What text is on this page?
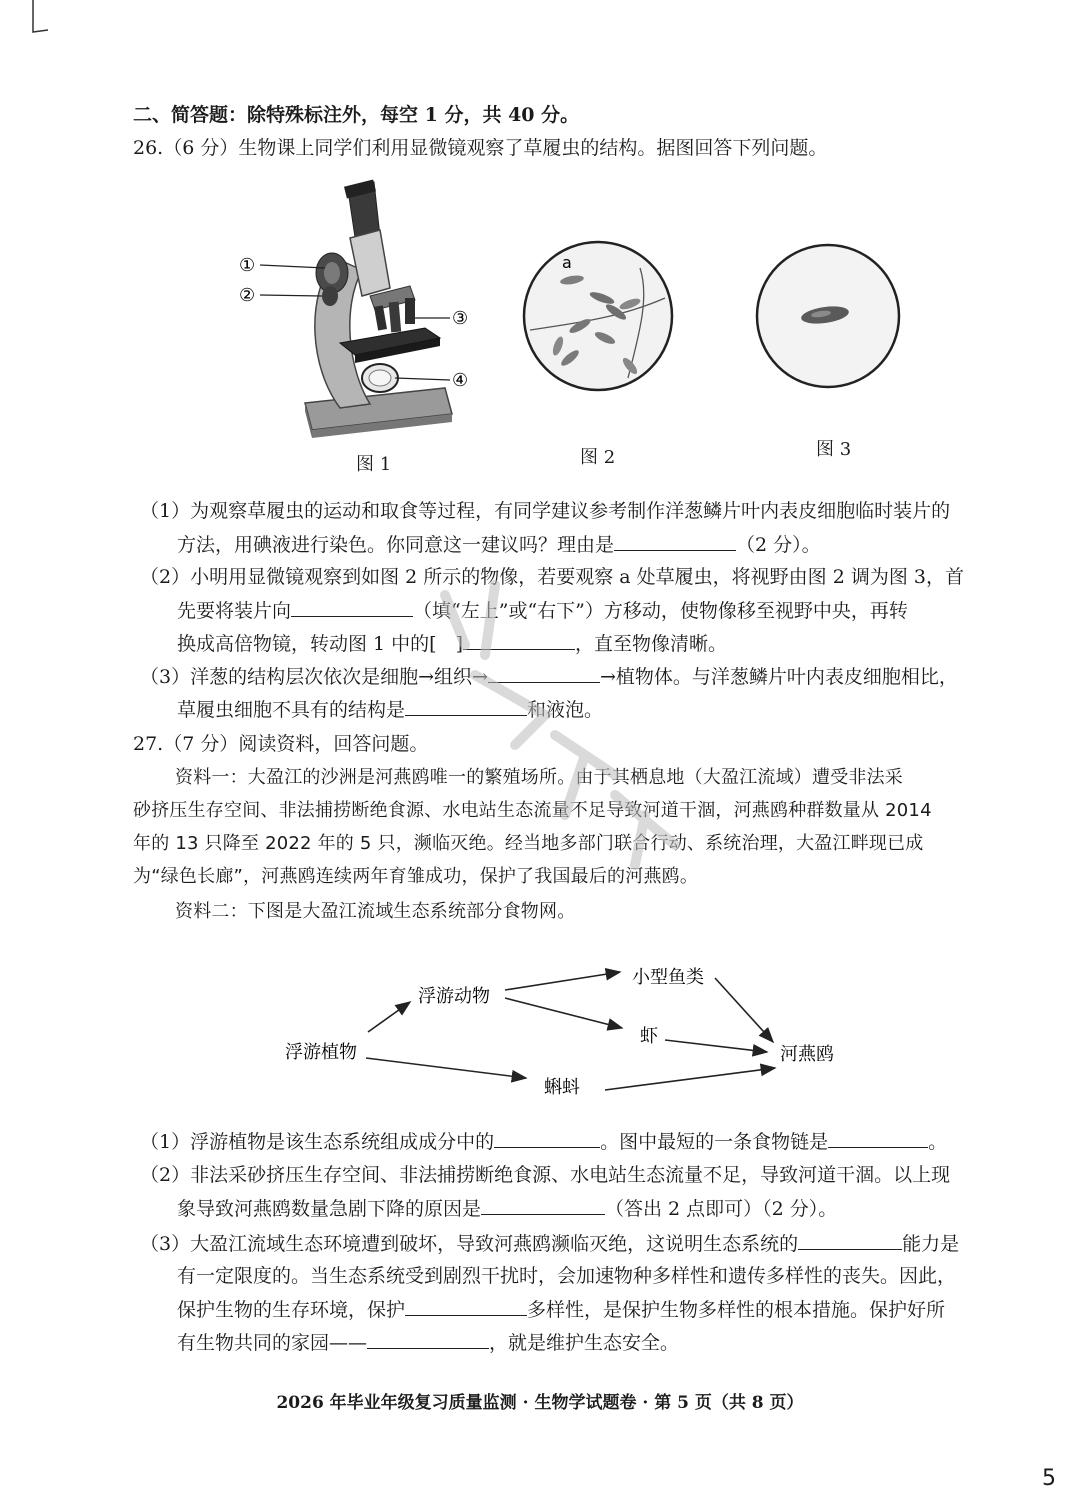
二、简答题：除特殊标注外，每空 1 分，共 40 分。
26.（6 分）生物课上同学们利用显微镜观察了草履虫的结构。据图回答下列问题。
①
②
③
④
图 1
a
图 2	图 3
（1）为观察草履虫的运动和取食等过程，有同学建议参考制作洋葱鳞片叶内表皮细胞临时装片的
方法，用碘液进行染色。你同意这一建议吗？理由是	（2 分）。
（2）小明用显微镜观察到如图 2 所示的物像，若要观察 a 处草履虫，将视野由图 2 调为图 3，首
先要将装片向	（填“左上”或“右下”）方移动，使物像移至视野中央，再转
换成高倍物镜，转动图 1 中的[　]	，直至物像清晰。
（3）洋葱的结构层次依次是细胞→组织→	→植物体。与洋葱鳞片叶内表皮细胞相比，
草履虫细胞不具有的结构是	和液泡。
27.（7 分）阅读资料，回答问题。
资料一：大盈江的沙洲是河燕鸥唯一的繁殖场所。由于其栖息地（大盈江流域）遭受非法采
砂挤压生存空间、非法捕捞断绝食源、水电站生态流量不足导致河道干涸，河燕鸥种群数量从 2014
年的 13 只降至 2022 年的 5 只，濒临灭绝。经当地多部门联合行动、系统治理，大盈江畔现已成
为“绿色长廊”，河燕鸥连续两年育雏成功，保护了我国最后的河燕鸥。
资料二：下图是大盈江流域生态系统部分食物网。
浮游植物
浮游动物
小型鱼类
虾
蝌蚪
河燕鸥
（1）浮游植物是该生态系统组成成分中的	。图中最短的一条食物链是	。
（2）非法采砂挤压生存空间、非法捕捞断绝食源、水电站生态流量不足，导致河道干涸。以上现
象导致河燕鸥数量急剧下降的原因是	（答出 2 点即可）（2 分）。
（3）大盈江流域生态环境遭到破坏，导致河燕鸥濒临灭绝，这说明生态系统的	能力是
有一定限度的。当生态系统受到剧烈干扰时，会加速物种多样性和遗传多样性的丧失。因此，
保护生物的生存环境，保护	多样性，是保护生物多样性的根本措施。保护好所
有生物共同的家园——	，就是维护生态安全。
2026 年毕业年级复习质量监测 · 生物学试题卷 · 第 5 页（共 8 页）
5
